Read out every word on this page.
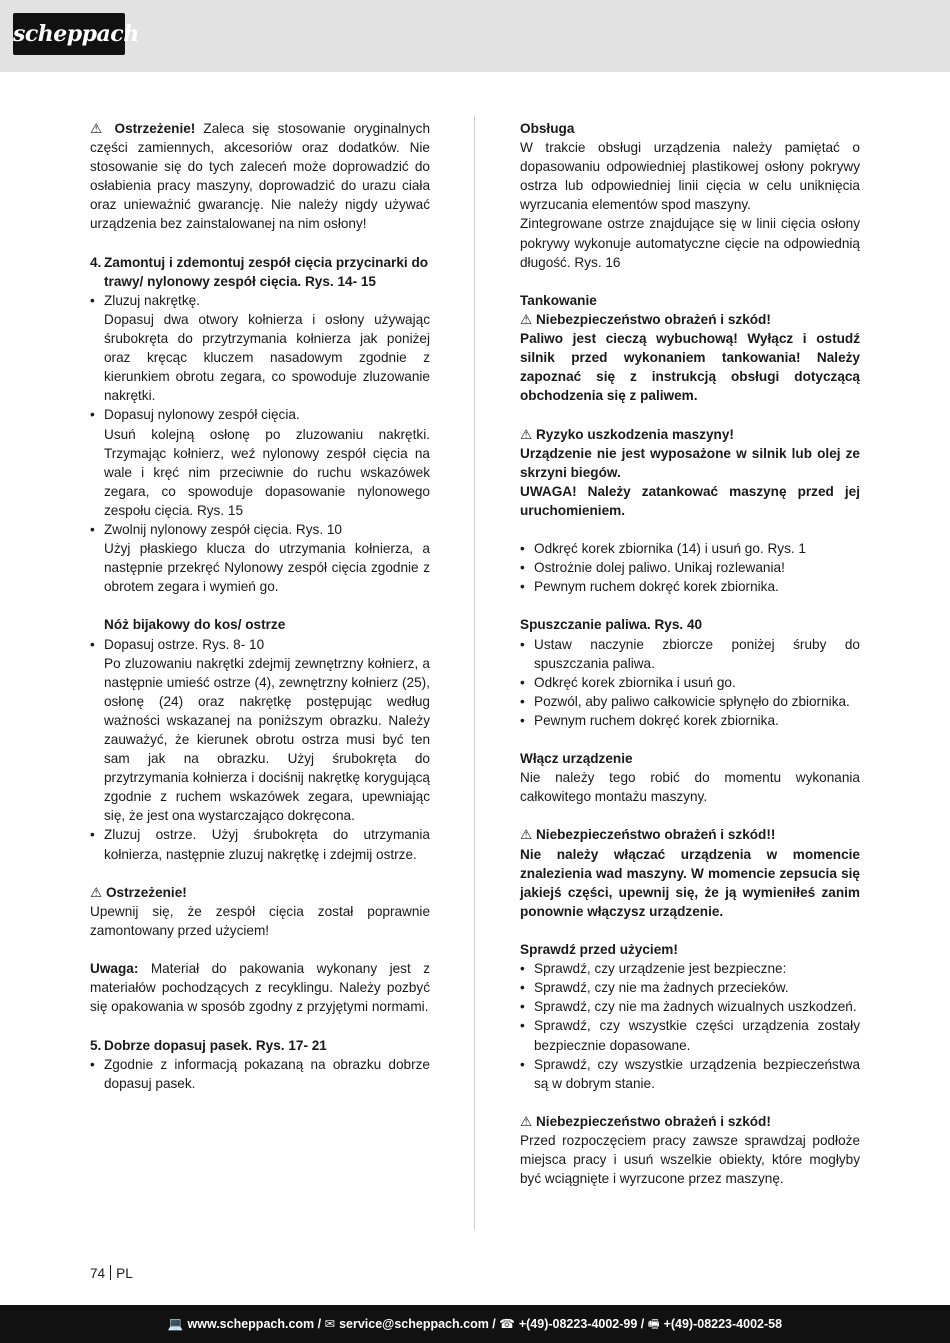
scheppach

⚠ Ostrzeżenie! Zaleca się stosowanie oryginalnych części zamiennych, akcesoriów oraz dodatków. Nie stosowanie się do tych zaleceń może doprowadzić do osłabienia pracy maszyny, doprowadzić do urazu ciała oraz unieważnić gwarancję. Nie należy nigdy używać urządzenia bez zainstalowanej na nim osłony!

4. Zamontuj i zdemontuj zespół cięcia przycinarki do trawy/ nylonowy zespół cięcia. Rys. 14- 15

• Zluzuj nakrętkę.

Dopasuj dwa otwory kołnierza i osłony używając śrubokręta do przytrzymania kołnierza jak poniżej oraz kręcąc kluczem nasadowym zgodnie z kierunkiem obrotu zegara, co spowoduje zluzowanie nakrętki.

• Dopasuj nylonowy zespół cięcia.

Usuń kolejną osłonę po zluzowaniu nakrętki. Trzymając kołnierz, weź nylonowy zespół cięcia na wale i kręć nim przeciwnie do ruchu wskazówek zegara, co spowoduje dopasowanie nylonowego zespołu cięcia. Rys. 15

• Zwolnij nylonowy zespół cięcia. Rys. 10

Użyj płaskiego klucza do utrzymania kołnierza, a następnie przekręć Nylonowy zespół cięcia zgodnie z obrotem zegara i wymień go.

Nóż bijakowy do kos/ ostrze

• Dopasuj ostrze. Rys. 8- 10

Po zluzowaniu nakrętki zdejmij zewnętrzny kołnierz, a następnie umieść ostrze (4), zewnętrzny kołnierz (25), osłonę (24) oraz nakrętkę postępując według ważności wskazanej na poniższym obrazku. Należy zauważyć, że kierunek obrotu ostrza musi być ten sam jak na obrazku. Użyj śrubokręta do przytrzymania kołnierza i dociśnij nakrętkę korygującą zgodnie z ruchem wskazówek zegara, upewniając się, że jest ona wystarczająco dokręcona.

• Zluzuj ostrze. Użyj śrubokręta do utrzymania kołnierza, następnie zluzuj nakrętkę i zdejmij ostrze.

⚠ Ostrzeżenie!

Upewnij się, że zespół cięcia został poprawnie zamontowany przed użyciem!

Uwaga: Materiał do pakowania wykonany jest z materiałów pochodzących z recyklingu. Należy pozbyć się opakowania w sposób zgodny z przyjętymi normami.

5. Dobrze dopasuj pasek. Rys. 17- 21

• Zgodnie z informacją pokazaną na obrazku dobrze dopasuj pasek.

Obsługa

W trakcie obsługi urządzenia należy pamiętać o dopasowaniu odpowiedniej plastikowej osłony pokrywy ostrza lub odpowiedniej linii cięcia w celu uniknięcia wyrzucania elementów spod maszyny.

Zintegrowane ostrze znajdujące się w linii cięcia osłony pokrywy wykonuje automatyczne cięcie na odpowiednią długość. Rys. 16

Tankowanie

⚠ Niebezpieczeństwo obrażeń i szkód!

Paliwo jest cieczą wybuchową! Wyłącz i ostudź silnik przed wykonaniem tankowania! Należy zapoznać się z instrukcją obsługi dotyczącą obchodzenia się z paliwem.

⚠ Ryzyko uszkodzenia maszyny!

Urządzenie nie jest wyposażone w silnik lub olej ze skrzyni biegów.

UWAGA! Należy zatankować maszynę przed jej uruchomieniem.

• Odkręć korek zbiornika (14) i usuń go. Rys. 1

• Ostrożnie dolej paliwo. Unikaj rozlewania!

• Pewnym ruchem dokręć korek zbiornika.

Spuszczanie paliwa. Rys. 40

• Ustaw naczynie zbiorcze poniżej śruby do spuszczania paliwa.

• Odkręć korek zbiornika i usuń go.

• Pozwól, aby paliwo całkowicie spłynęło do zbiornika.

• Pewnym ruchem dokręć korek zbiornika.

Włącz urządzenie

Nie należy tego robić do momentu wykonania całkowitego montażu maszyny.

⚠ Niebezpieczeństwo obrażeń i szkód!!

Nie należy włączać urządzenia w momencie znalezienia wad maszyny. W momencie zepsucia się jakiejś części, upewnij się, że ją wymieniłeś zanim ponownie włączysz urządzenie.

Sprawdź przed użyciem!

• Sprawdź, czy urządzenie jest bezpieczne:

• Sprawdź, czy nie ma żadnych przecieków.

• Sprawdź, czy nie ma żadnych wizualnych uszkodzeń.

• Sprawdź, czy wszystkie części urządzenia zostały bezpiecznie dopasowane.

• Sprawdź, czy wszystkie urządzenia bezpieczeństwa są w dobrym stanie.

⚠ Niebezpieczeństwo obrażeń i szkód!

Przed rozpoczęciem pracy zawsze sprawdzaj podłoże miejsca pracy i usuń wszelkie obiekty, które mogłyby być wciągnięte i wyrzucone przez maszynę.

74 PL
💻 www.scheppach.com / ✉ service@scheppach.com / ☎ +(49)-08223-4002-99 / 🖷 +(49)-08223-4002-58
